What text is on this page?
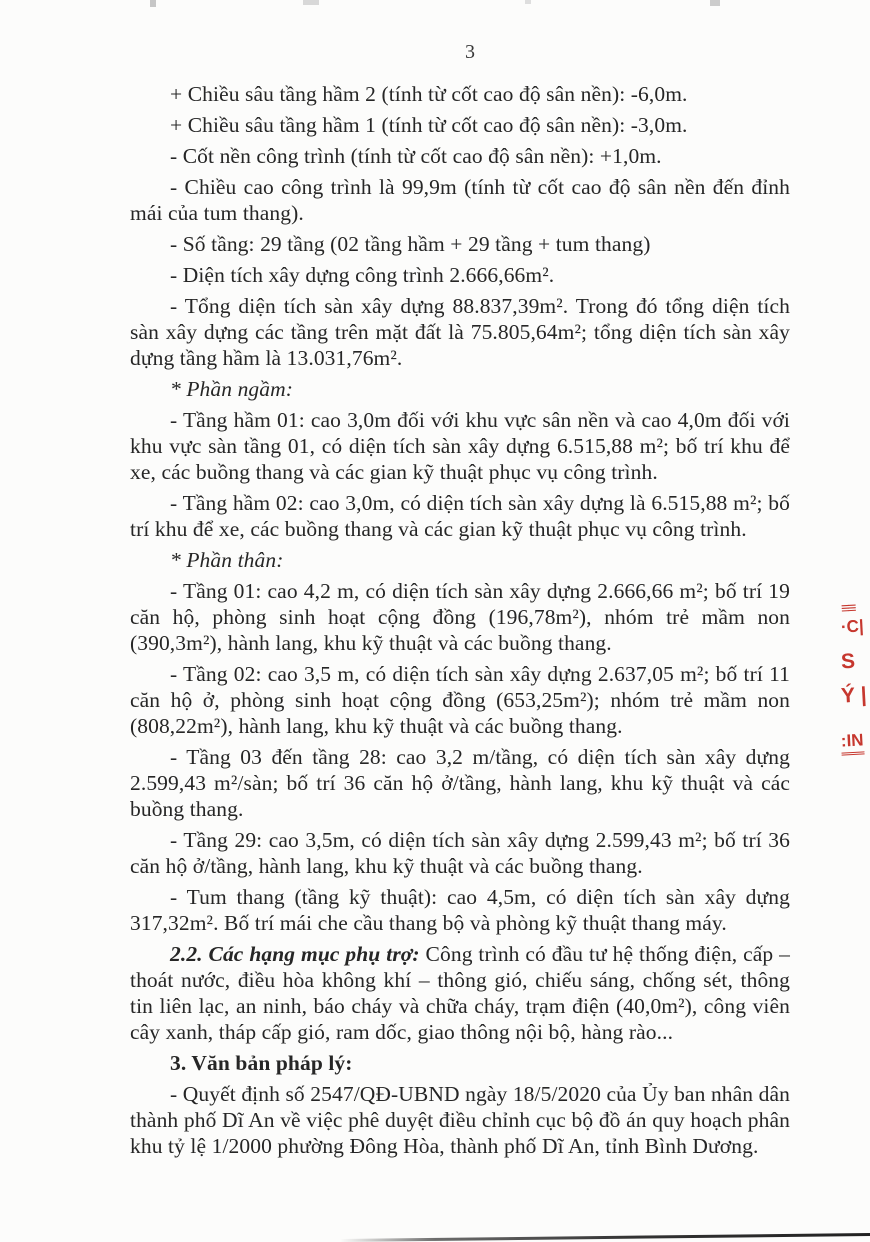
3

+ Chiều sâu tầng hầm 2 (tính từ cốt cao độ sân nền): -6,0m.

+ Chiều sâu tầng hầm 1 (tính từ cốt cao độ sân nền): -3,0m.

- Cốt nền công trình (tính từ cốt cao độ sân nền): +1,0m.

- Chiều cao công trình là 99,9m (tính từ cốt cao độ sân nền đến đỉnh mái của tum thang).

- Số tầng: 29 tầng (02 tầng hầm + 29 tầng + tum thang)

- Diện tích xây dựng công trình 2.666,66m².

- Tổng diện tích sàn xây dựng 88.837,39m². Trong đó tổng diện tích sàn xây dựng các tầng trên mặt đất là 75.805,64m²; tổng diện tích sàn xây dựng tầng hầm là 13.031,76m².

* Phần ngầm:

- Tầng hầm 01: cao 3,0m đối với khu vực sân nền và cao 4,0m đối với khu vực sàn tầng 01, có diện tích sàn xây dựng 6.515,88 m²; bố trí khu để xe, các buồng thang và các gian kỹ thuật phục vụ công trình.

- Tầng hầm 02: cao 3,0m, có diện tích sàn xây dựng là 6.515,88 m²; bố trí khu để xe, các buồng thang và các gian kỹ thuật phục vụ công trình.

* Phần thân:

- Tầng 01: cao 4,2 m, có diện tích sàn xây dựng 2.666,66 m²; bố trí 19 căn hộ, phòng sinh hoạt cộng đồng (196,78m²), nhóm trẻ mầm non (390,3m²), hành lang, khu kỹ thuật và các buồng thang.

- Tầng 02: cao 3,5 m, có diện tích sàn xây dựng 2.637,05 m²; bố trí 11 căn hộ ở, phòng sinh hoạt cộng đồng (653,25m²); nhóm trẻ mầm non (808,22m²), hành lang, khu kỹ thuật và các buồng thang.

- Tầng 03 đến tầng 28: cao 3,2 m/tầng, có diện tích sàn xây dựng 2.599,43 m²/sàn; bố trí 36 căn hộ ở/tầng, hành lang, khu kỹ thuật và các buồng thang.

- Tầng 29: cao 3,5m, có diện tích sàn xây dựng 2.599,43 m²; bố trí 36 căn hộ ở/tầng, hành lang, khu kỹ thuật và các buồng thang.

- Tum thang (tầng kỹ thuật): cao 4,5m, có diện tích sàn xây dựng 317,32m². Bố trí mái che cầu thang bộ và phòng kỹ thuật thang máy.

2.2. Các hạng mục phụ trợ: Công trình có đầu tư hệ thống điện, cấp – thoát nước, điều hòa không khí – thông gió, chiếu sáng, chống sét, thông tin liên lạc, an ninh, báo cháy và chữa cháy, trạm điện (40,0m²), công viên cây xanh, tháp cấp gió, ram dốc, giao thông nội bộ, hàng rào...

3. Văn bản pháp lý:

- Quyết định số 2547/QĐ-UBND ngày 18/5/2020 của Ủy ban nhân dân thành phố Dĩ An về việc phê duyệt điều chỉnh cục bộ đồ án quy hoạch phân khu tỷ lệ 1/2000 phường Đông Hòa, thành phố Dĩ An, tỉnh Bình Dương.

≡≡
·C|
S
Ý |
:IN
